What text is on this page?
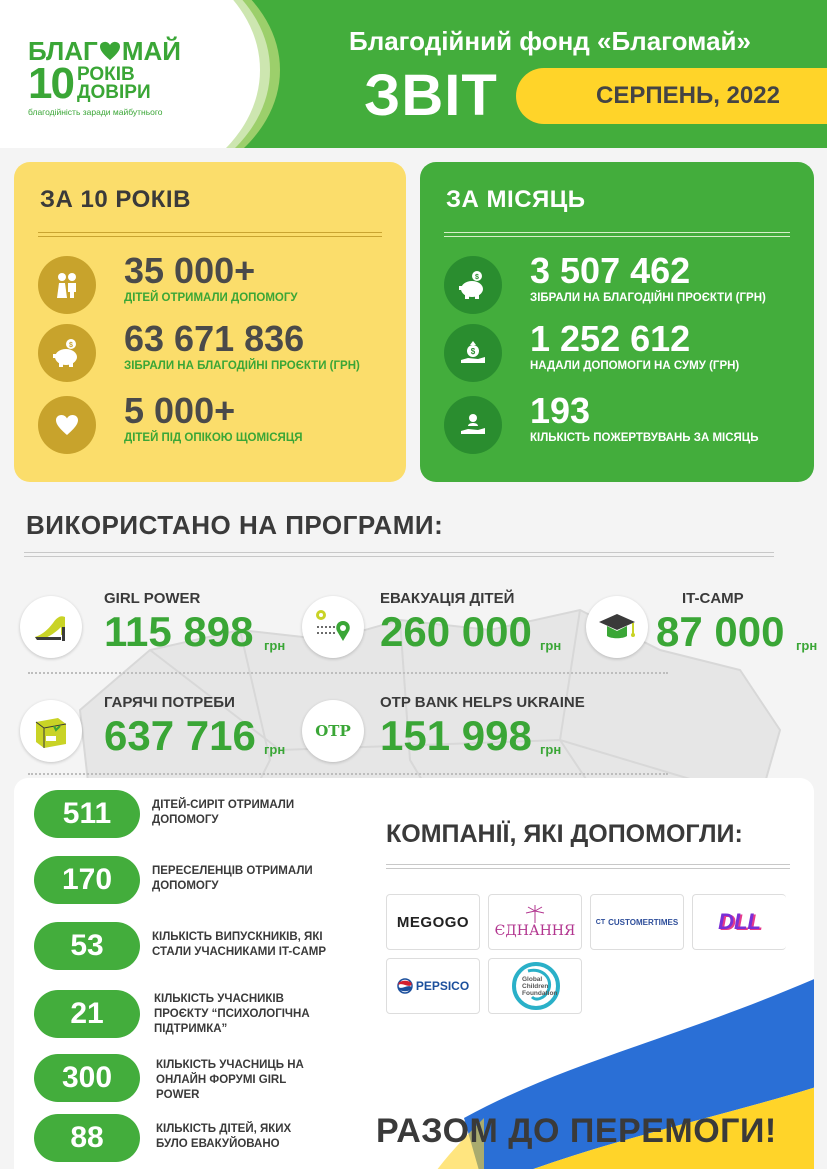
БЛАГ МАЙ
10 РОКІВ
ДОВІРИ
благодійність заради майбутнього
Благодійний фонд «Благомай»
ЗВІТ	СЕРПЕНЬ, 2022
ЗА 10 РОКІВ
35 000+
ДІТЕЙ ОТРИМАЛИ ДОПОМОГУ
$ 63 671 836
ЗІБРАЛИ НА БЛАГОДІЙНІ ПРОЄКТИ (ГРН)
5 000+
ДІТЕЙ ПІД ОПІКОЮ ЩОМІСЯЦЯ
ЗА МІСЯЦЬ
$ 3 507 462
ЗІБРАЛИ НА БЛАГОДІЙНІ ПРОЄКТИ (ГРН)
$ 1 252 612
НАДАЛИ ДОПОМОГИ НА СУМУ (ГРН)
193
КІЛЬКІСТЬ ПОЖЕРТВУВАНЬ ЗА МІСЯЦЬ
ВИКОРИСТАНО НА ПРОГРАМИ:
GIRL POWER
115 898 грн
ЕВАКУАЦІЯ ДІТЕЙ
260 000 грн
IT-CAMP
87 000 грн
ГАРЯЧІ ПОТРЕБИ
637 716 грн
OTP
OTP BANK HELPS UKRAINE
151 998 грн
511	ДІТЕЙ-СИРІТ ОТРИМАЛИ ДОПОМОГУ
170	ПЕРЕСЕЛЕНЦІВ ОТРИМАЛИ ДОПОМОГУ
53	КІЛЬКІСТЬ ВИПУСКНИКІВ, ЯКІ СТАЛИ УЧАСНИКАМИ IT-CAMP
21	КІЛЬКІСТЬ УЧАСНИКІВ ПРОЄКТУ “ПСИХОЛОГІЧНА ПІДТРИМКА”
300	КІЛЬКІСТЬ УЧАСНИЦЬ НА ОНЛАЙН ФОРУМІ GIRL POWER
88	КІЛЬКІСТЬ ДІТЕЙ, ЯКИХ БУЛО ЕВАКУЙОВАНО
КОМПАНІЇ, ЯКІ ДОПОМОГЛИ:
MEGOGO
ЄДНАННЯ
CT CUSTOMERTIMES DLL
PEPSICO	Global
Children
Foundation
РАЗОМ ДО ПЕРЕМОГИ!
